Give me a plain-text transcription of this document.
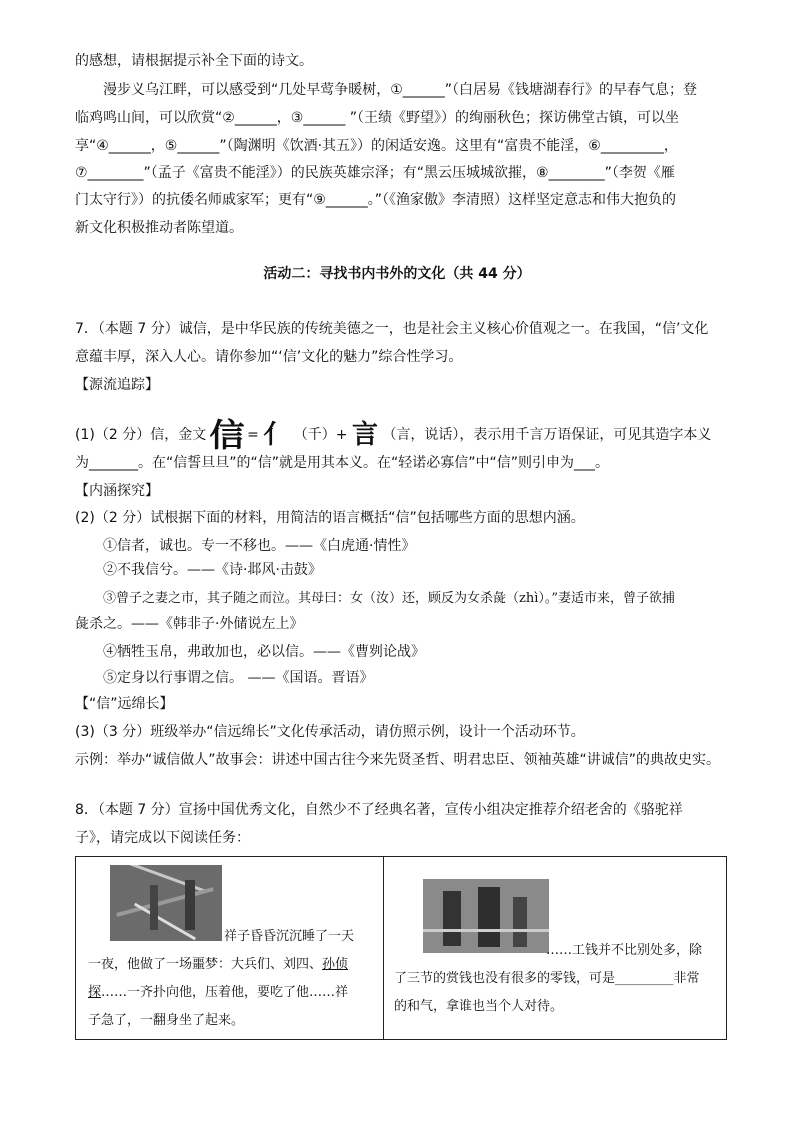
的感想，请根据提示补全下面的诗文。
漫步义乌江畔，可以感受到“几处早莺争暖树，①______”（白居易《钱塘湖春行》的早春气息；登
临鸡鸣山间，可以欣赏“②______，③______ ”（王绩《野望》）的绚丽秋色；探访佛堂古镇，可以坐
享“④______，⑤______”（陶渊明《饮酒·其五》）的闲适安逸。这里有“富贵不能淫，⑥_________，
⑦________”（孟子《富贵不能淫》）的民族英雄宗泽；有“黑云压城城欲摧，⑧________”（李贺《雁
门太守行》）的抗倭名师戚家军；更有“⑨______。”（《渔家傲》李清照）这样坚定意志和伟大抱负的
新文化积极推动者陈望道。
活动二：寻找书内书外的文化（共 44 分）
7．（本题 7 分）诚信，是中华民族的传统美德之一，也是社会主义核心价值观之一。在我国，“信’文化
意蕴丰厚，深入人心。请你参加“‘信’文化的魅力”综合性学习。
【源流追踪】
(1)（2 分）信，金文 信 = 亻 （千）+ 言 （言，说话），表示用千言万语保证，可见其造字本义
为_______。在“信誓旦旦”的“信”就是用其本义。在“轻诺必寡信”中“信”则引申为___。
【内涵探究】
(2)（2 分）试根据下面的材料，用简洁的语言概括“信”包括哪些方面的思想内涵。
①信者，诚也。专一不移也。——《白虎通·情性》
②不我信兮。——《诗·邶风·击鼓》
③曾子之妻之市，其子随之而泣。其母曰：女（汝）还，顾反为女杀彘（zhì）。”妻适市来，曾子欲捕
彘杀之。——《韩非子·外储说左上》
④牺牲玉帛，弗敢加也，必以信。——《曹刿论战》
⑤定身以行事谓之信。 ——《国语。晋语》
【“信”远绵长】
(3)（3 分）班级举办“信远绵长”文化传承活动，请仿照示例，设计一个活动环节。
示例：举办“诚信做人”故事会：讲述中国古往今来先贤圣哲、明君忠臣、领袖英雄“讲诚信”的典故史实。
8．（本题 7 分）宣扬中国优秀文化，自然少不了经典名著，宣传小组决定推荐介绍老舍的《骆驼祥
子》，请完成以下阅读任务：
祥子昏昏沉沉睡了一天
一夜，他做了一场噩梦：大兵们、刘四、孙侦
探……一齐扑向他，压着他，要吃了他……祥
子急了，一翻身坐了起来。
……工钱并不比别处多，除
了三节的赏钱也没有很多的零钱，可是_________非常
的和气，拿谁也当个人对待。
